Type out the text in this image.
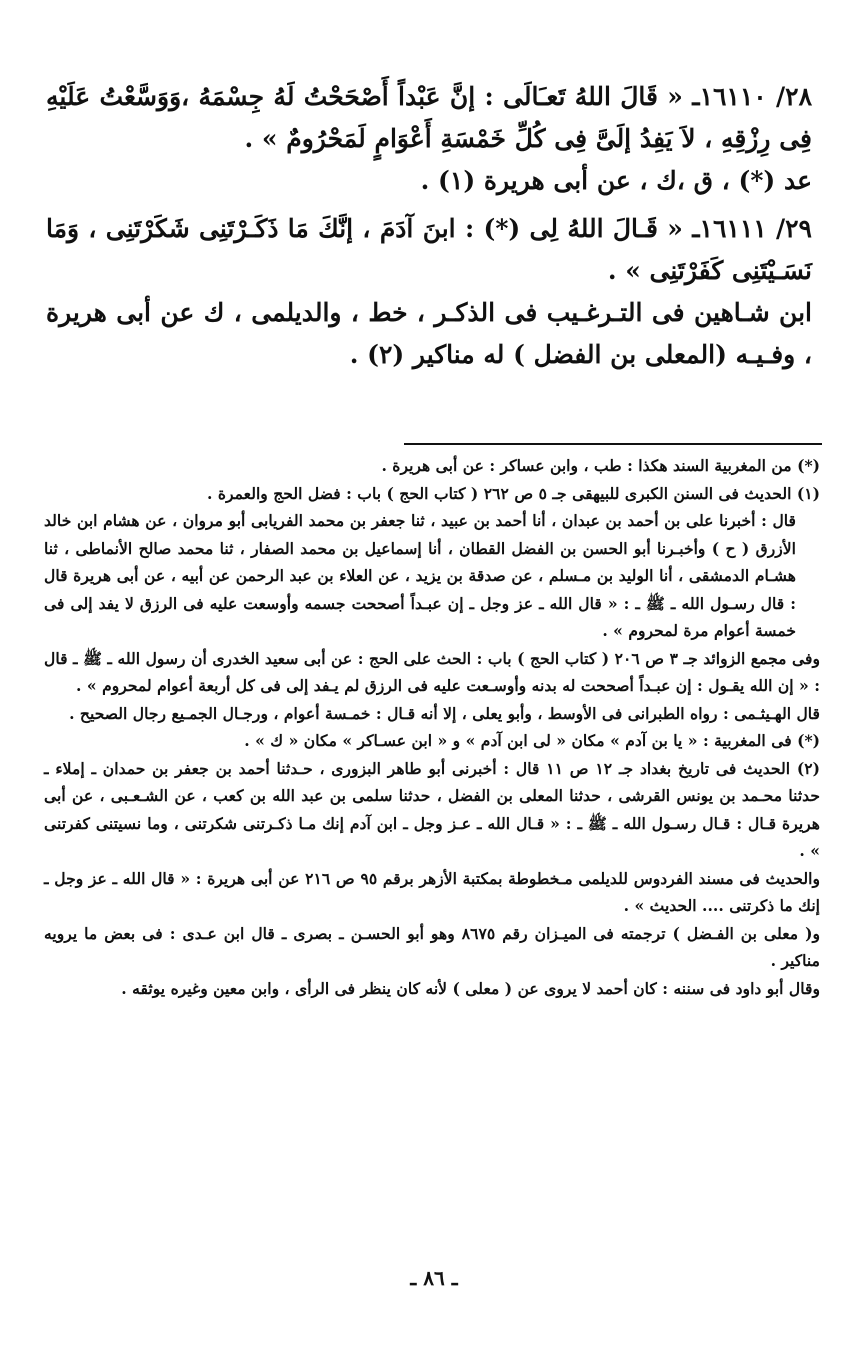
٢٨/ ١٦١١٠ـ « قَالَ اللهُ تَعـَالَى : إنَّ عَبْداً أَصْحَحْتُ لَهُ جِسْمَهُ ،وَوَسَّعْتُ عَلَيْهِ فِى رِزْقِهِ ، لاَ يَفِدُ إلَىَّ فِى كُلِّ خَمْسَةِ أَعْوَامٍ لَمَحْرُومٌ » .

عد (*) ، ق ،ك ، عن أبى هريرة (١) .

٢٩/ ١٦١١١ـ « قَـالَ اللهُ لِى (*) : ابنَ آدَمَ ، إنَّكَ مَا ذَكَـرْتَنِى شَكَرْتَنِى ، وَمَا نَسَـيْتَنِى كَفَرْتَنِى » .

ابن شـاهين فى التـرغـيب فى الذكـر ، خط ، والديلمى ، ك عن أبى هريرة ، وفـيـه (المعلى بن الفضل ) له مناكير (٢) .

(*) من المغربية السند هكذا : طب ، وابن عساكر : عن أبى هريرة .

(١) الحديث فى السنن الكبرى للبيهقى جـ ٥ ص ٢٦٢ ( كتاب الحج ) باب : فضل الحج والعمرة .

قال : أخبرنا على بن أحمد بن عبدان ، أنا أحمد بن عبيد ، ثنا جعفر بن محمد الفريابى أبو مروان ، عن هشام ابن خالد الأزرق ( ح ) وأخبـرنا أبو الحسن بن الفضل القطان ، أنا إسماعيل بن محمد الصفار ، ثنا محمد صالح الأنماطى ، ثنا هشـام الدمشقى ، أنا الوليد بن مـسلم ، عن صدقة بن يزيد ، عن العلاء بن عبد الرحمن عن أبيه ، عن أبى هريرة قال : قال رسـول الله ـ ﷺ ـ : « قال الله ـ عز وجل ـ إن عبـداً أصححت جسمه وأوسعت عليه فى الرزق لا يفد إلى فى خمسة أعوام مرة لمحروم » .

وفى مجمع الزوائد جـ ٣ ص ٢٠٦ ( كتاب الحج ) باب : الحث على الحج : عن أبى سعيد الخدرى أن رسول الله ـ ﷺ ـ قال : « إن الله يقـول : إن عبـداً أصححت له بدنه وأوسـعت عليه فى الرزق لم يـفد إلى فى كل أربعة أعوام لمحروم » .

قال الهـيثـمى : رواه الطبرانى فى الأوسط ، وأبو يعلى ، إلا أنه قـال : خمـسة أعوام ، ورجـال الجمـيع رجال الصحيح .

(*) فى المغربية : « يا بن آدم » مكان « لى ابن آدم » و « ابن عسـاكر » مكان « ك » .

(٢) الحديث فى تاريخ بغداد جـ ١٢ ص ١١ قال : أخبرنى أبو طاهر البزورى ، حـدثنا أحمد بن جعفر بن حمدان ـ إملاء ـ حدثنا محـمد بن يونس القرشى ، حدثنا المعلى بن الفضل ، حدثنا سلمى بن عبد الله بن كعب ، عن الشـعـبى ، عن أبى هريرة قـال : قـال رسـول الله ـ ﷺ ـ : « قـال الله ـ عـز وجل ـ ابن آدم إنك مـا ذكـرتنى شكرتنى ، وما نسيتنى كفرتنى » .

والحديث فى مسند الفردوس للديلمى مـخطوطة بمكتبة الأزهر برقم ٩٥ ص ٢١٦ عن أبى هريرة : « قال الله ـ عز وجل ـ إنك ما ذكرتنى .... الحديث » .

و( معلى بن الفـضل ) ترجمته فى الميـزان رقم ٨٦٧٥ وهو أبو الحسـن ـ بصرى ـ قال ابن عـدى : فى بعض ما يرويه مناكير .

وقال أبو داود فى سننه : كان أحمد لا يروى عن ( معلى ) لأنه كان ينظر فى الرأى ، وابن معين وغيره يوثقه .

ـ ٨٦ ـ
